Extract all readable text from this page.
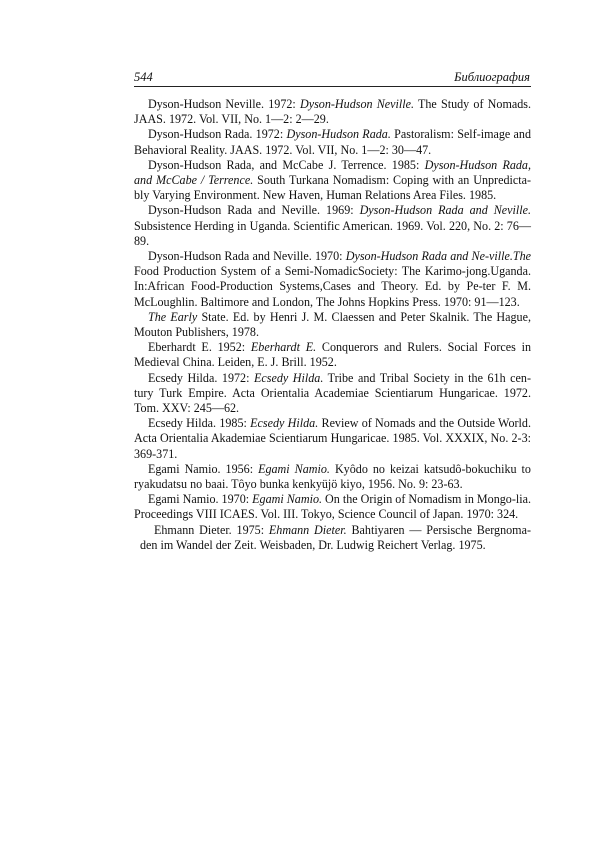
544	Библиография

Dyson-Hudson Neville. 1972: Dyson-Hudson Neville. The Study of Nomads. JAAS. 1972. Vol. VII, No. 1—2: 2—29.

Dyson-Hudson Rada. 1972: Dyson-Hudson Rada. Pastoralism: Self-image and Behavioral Reality. JAAS. 1972. Vol. VII, No. 1—2: 30—47.

Dyson-Hudson Rada, and McCabe J. Terrence. 1985: Dyson-Hudson Rada, and McCabe / Terrence. South Turkana Nomadism: Coping with an Unpredicta-bly Varying Environment. New Haven, Human Relations Area Files. 1985.

Dyson-Hudson Rada and Neville. 1969: Dyson-Hudson Rada and Neville. Subsistence Herding in Uganda. Scientific American. 1969. Vol. 220, No. 2: 76—89.

Dyson-Hudson Rada and Neville. 1970: Dyson-Hudson Rada and Ne-ville.The Food Production System of a Semi-NomadicSociety: The Karimo-jong.Uganda. In:African Food-Production Systems,Cases and Theory. Ed. by Pe-ter F. M. McLoughlin. Baltimore and London, The Johns Hopkins Press. 1970: 91—123.

The Early State. Ed. by Henri J. M. Claessen and Peter Skalnik. The Hague, Mouton Publishers, 1978.

Eberhardt E. 1952: Eberhardt E. Conquerors and Rulers. Social Forces in Medieval China. Leiden, E. J. Brill. 1952.

Ecsedy Hilda. 1972: Ecsedy Hilda. Tribe and Tribal Society in the 61h cen-tury Turk Empire. Acta Orientalia Academiae Scientiarum Hungaricae. 1972. Tom. XXV: 245—62.

Ecsedy Hilda. 1985: Ecsedy Hilda. Review of Nomads and the Outside World. Acta Orientalia Akademiae Scientiarum Hungaricae. 1985. Vol. XXXIX, No. 2-3: 369-371.

Egami Namio. 1956: Egami Namio. Kyôdo no keizai katsudô-bokuchiku to ryakudatsu no baai. Tôyo bunka kenkyüjö kiyo, 1956. No. 9: 23-63.

Egami Namio. 1970: Egami Namio. On the Origin of Nomadism in Mongo-lia. Proceedings VIII ICAES. Vol. III. Tokyo, Science Council of Japan. 1970: 324.

Ehmann Dieter. 1975: Ehmann Dieter. Bahtiyaren — Persische Bergnoma-den im Wandel der Zeit. Weisbaden, Dr. Ludwig Reichert Verlag. 1975.
